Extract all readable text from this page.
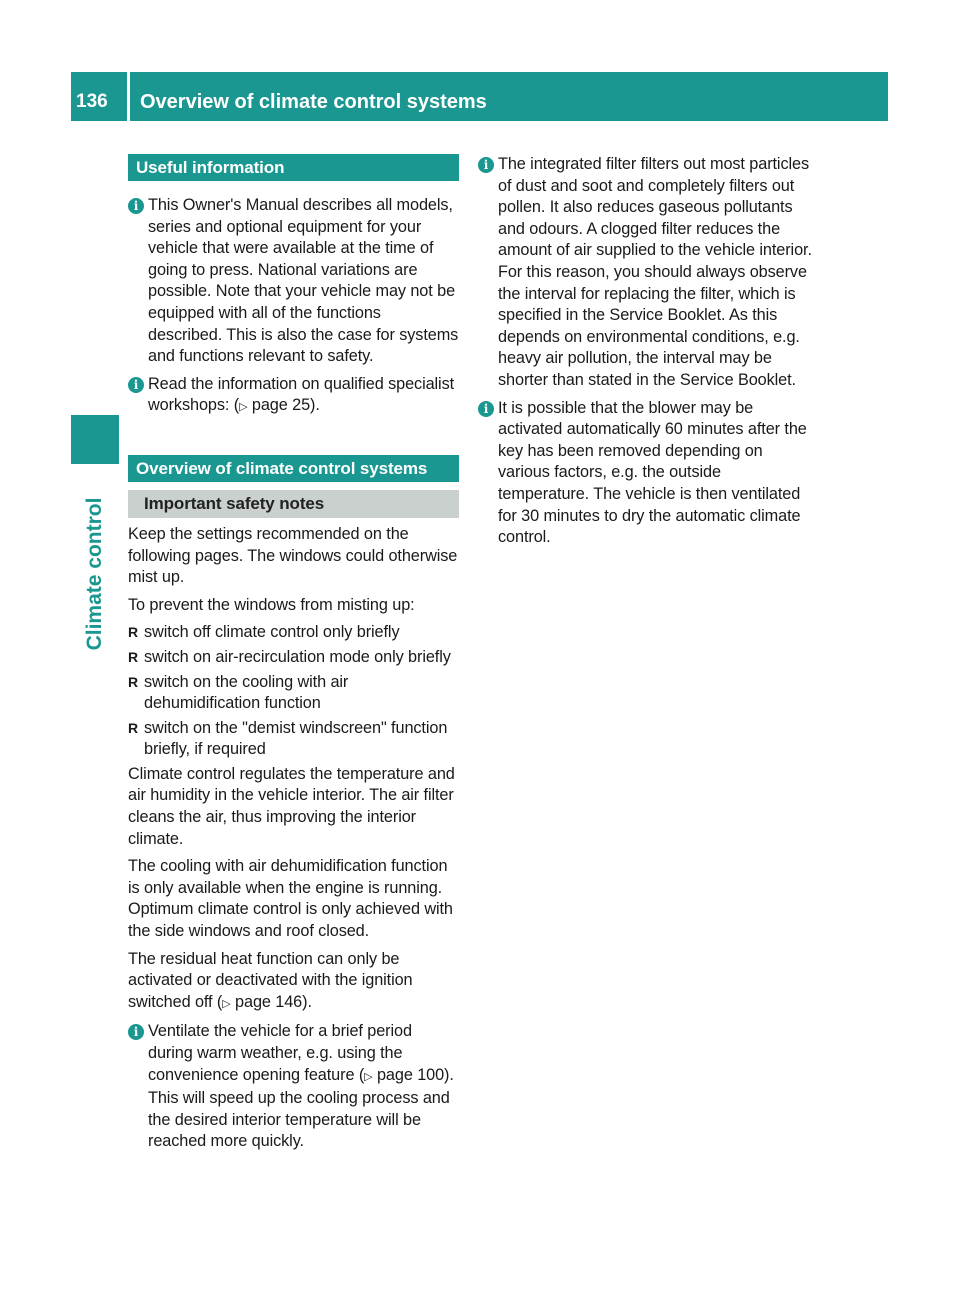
136	Overview of climate control systems
Climate control
Useful information
i This Owner's Manual describes all models, series and optional equipment for your vehicle that were available at the time of going to press. National variations are possible. Note that your vehicle may not be equipped with all of the functions described. This is also the case for systems and functions relevant to safety.
i Read the information on qualified specialist workshops: (▷ page 25).
Overview of climate control systems
Important safety notes

Keep the settings recommended on the following pages. The windows could otherwise mist up.

To prevent the windows from misting up:

R switch off climate control only briefly
R switch on air-recirculation mode only briefly
R switch on the cooling with air dehumidification function
R switch on the "demist windscreen" function briefly, if required

Climate control regulates the temperature and air humidity in the vehicle interior. The air filter cleans the air, thus improving the interior climate.

The cooling with air dehumidification function is only available when the engine is running. Optimum climate control is only achieved with the side windows and roof closed.

The residual heat function can only be activated or deactivated with the ignition switched off (▷ page 146).

i Ventilate the vehicle for a brief period during warm weather, e.g. using the convenience opening feature (▷ page 100). This will speed up the cooling process and the desired interior temperature will be reached more quickly.
i The integrated filter filters out most particles of dust and soot and completely filters out pollen. It also reduces gaseous pollutants and odours. A clogged filter reduces the amount of air supplied to the vehicle interior. For this reason, you should always observe the interval for replacing the filter, which is specified in the Service Booklet. As this depends on environmental conditions, e.g. heavy air pollution, the interval may be shorter than stated in the Service Booklet.
i It is possible that the blower may be activated automatically 60 minutes after the key has been removed depending on various factors, e.g. the outside temperature. The vehicle is then ventilated for 30 minutes to dry the automatic climate control.
